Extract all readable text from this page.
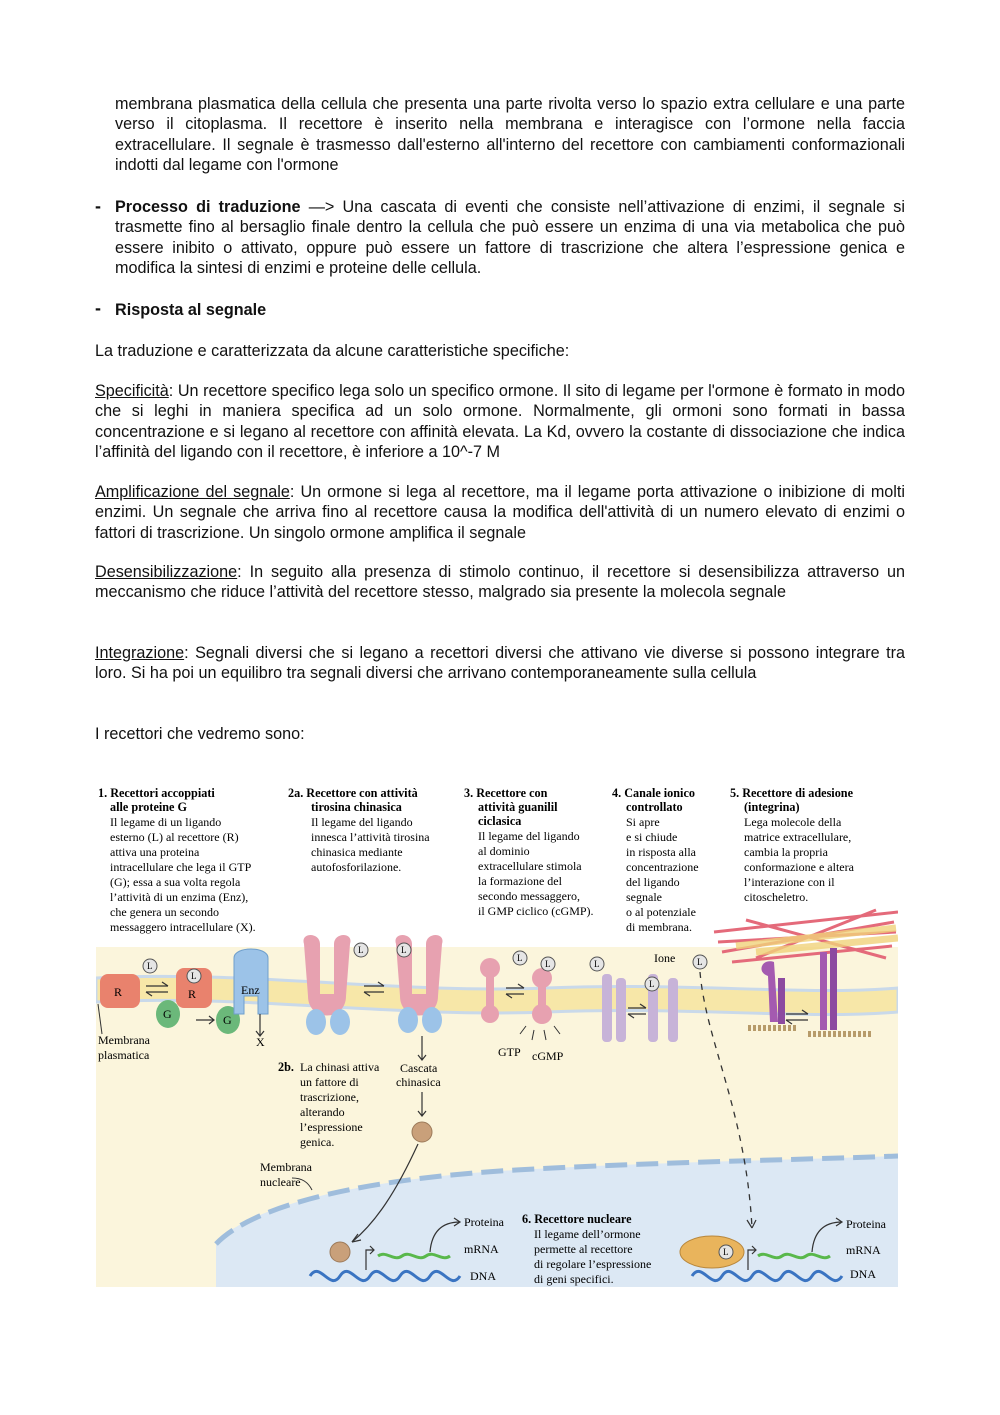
membrana plasmatica della cellula che presenta una parte rivolta verso lo spazio extra cellulare e una parte verso il citoplasma. Il recettore è inserito nella membrana e interagisce con l’ormone nella faccia extracellulare. Il segnale è trasmesso dall'esterno all'interno del recettore con cambiamenti conformazionali indotti dal legame con l'ormone
- Processo di traduzione —> Una cascata di eventi che consiste nell’attivazione di enzimi, il segnale si trasmette fino al bersaglio finale dentro la cellula che può essere un enzima di una via metabolica che può essere inibito o attivato, oppure può essere un fattore di trascrizione che altera l’espressione genica e modifica la sintesi di enzimi e proteine delle cellula.
- Risposta al segnale
La traduzione e caratterizzata da alcune caratteristiche specifiche:
Specificità: Un recettore specifico lega solo un specifico ormone. Il sito di legame per l'ormone è formato in modo che si leghi in maniera specifica ad un solo ormone. Normalmente, gli ormoni sono formati in bassa concentrazione e si legano al recettore con affinità elevata. La Kd, ovvero la costante di dissociazione che indica l’affinità del ligando con il recettore, è inferiore a 10^-7 M
Amplificazione del segnale: Un ormone si lega al recettore, ma il legame porta attivazione o inibizione di molti enzimi. Un segnale che arriva fino al recettore causa la modifica dell'attività di un numero elevato di enzimi o fattori di trascrizione. Un singolo ormone amplifica il segnale
Desensibilizzazione: In seguito alla presenza di stimolo continuo, il recettore si desensibilizza attraverso un meccanismo che riduce l’attività del recettore stesso, malgrado sia presente la molecola segnale
Integrazione: Segnali diversi che si legano a recettori diversi che attivano vie diverse si possono integrare tra loro. Si ha poi un equilibro tra segnali diversi che arrivano contemporaneamente sulla cellula
I recettori che vedremo sono:
R	R
G	G
Enz
X
L
L
Membrana
plasmatica
L	L
Cascata
chinasica
L
L	L
GTP cGMP
L
Ione L
Proteina
mRNA
DNA
L
Proteina
mRNA
DNA
Membrana
nucleare
1. Recettori accoppiati
alle proteine G
Il legame di un ligando
esterno (L) al recettore (R)
attiva una proteina
intracellulare che lega il GTP
(G); essa a sua volta regola
l’attività di un enzima (Enz),
che genera un secondo
messaggero intracellulare (X).
2a. Recettore con attività
tirosina chinasica
Il legame del ligando
innesca l’attività tirosina
chinasica mediante
autofosforilazione.
3. Recettore con
attività guanilil
ciclasica
Il legame del ligando
al dominio
extracellulare stimola
la formazione del
secondo messaggero,
il GMP ciclico (cGMP).
4. Canale ionico
controllato
Si apre
e si chiude
in risposta alla
concentrazione
del ligando
segnale
o al potenziale
di membrana.
5. Recettore di adesione
(integrina)
Lega molecole della
matrice extracellulare,
cambia la propria
conformazione e altera
l’interazione con il
citoscheletro.
2b. La chinasi attiva
un fattore di
trascrizione,
alterando
l’espressione
genica.
6. Recettore nucleare
Il legame dell’ormone
permette al recettore
di regolare l’espressione
di geni specifici.
